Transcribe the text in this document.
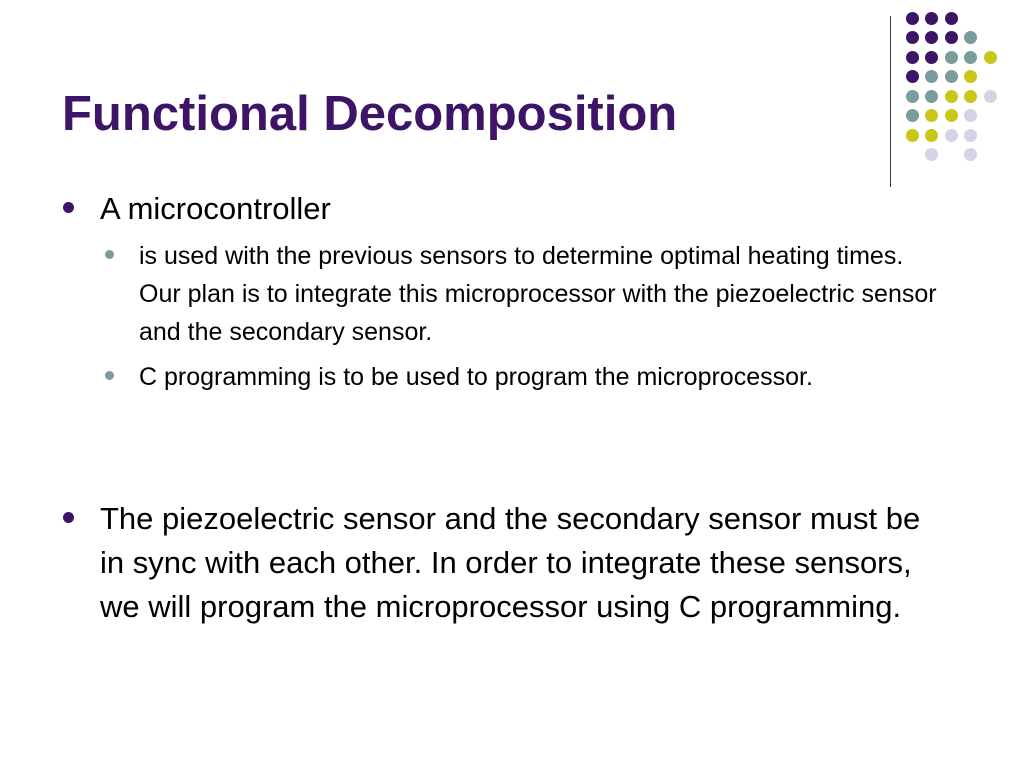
Functional Decomposition
A microcontroller
is used with the previous sensors to determine optimal heating times. Our plan is to integrate this microprocessor with the piezoelectric sensor and the secondary sensor.
C programming is to be used to program the microprocessor.
The piezoelectric sensor and the secondary sensor must be in sync with each other. In order to integrate these sensors, we will program the microprocessor using C programming.
